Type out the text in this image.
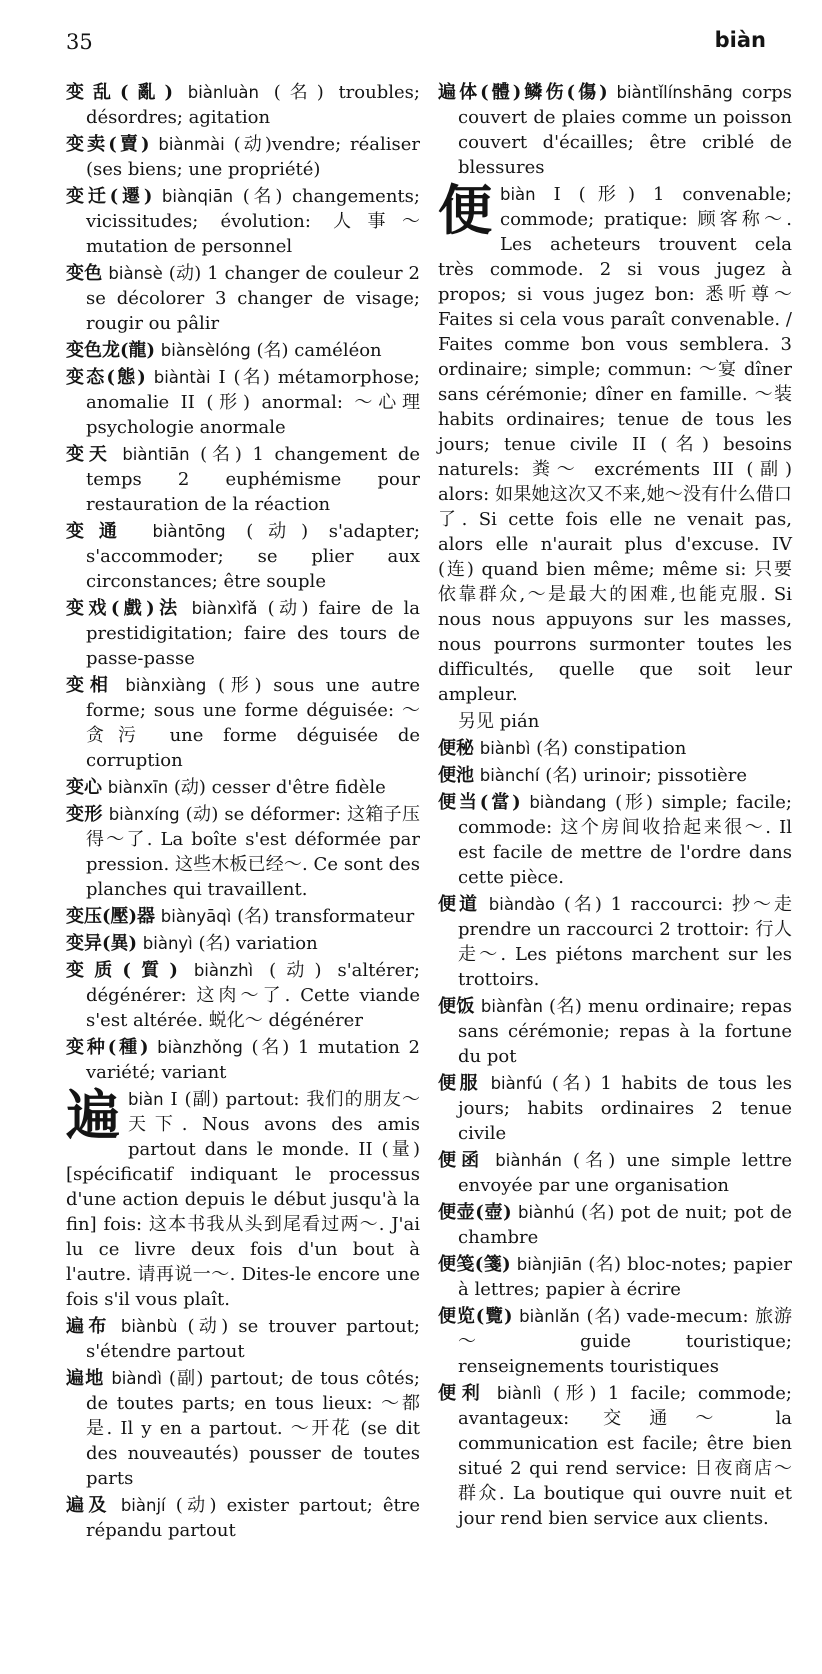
35	biàn
变乱(亂) biànluàn (名) troubles; désordres; agitation
变卖(賣) biànmài (动)vendre; réaliser (ses biens; une propriété)
变迁(遷) biànqiān (名) changements; vicissitudes; évolution: 人事～ mutation de personnel
变色 biànsè (动) 1 changer de couleur 2 se décolorer 3 changer de visage; rougir ou pâlir
变色龙(龍) biànsèlóng (名) caméléon
变态(態) biàntài I (名) métamorphose; anomalie II (形) anormal: ～心理 psychologie anormale
变天 biàntiān (名) 1 changement de temps 2 euphémisme pour restauration de la réaction
变通 biàntōng (动) s'adapter; s'accommoder; se plier aux circonstances; être souple
变戏(戲)法 biànxìfǎ (动) faire de la prestidigitation; faire des tours de passe-passe
变相 biànxiàng (形) sous une autre forme; sous une forme déguisée: ～贪污 une forme déguisée de corruption
变心 biànxīn (动) cesser d'être fidèle
变形 biànxíng (动) se déformer: 这箱子压得～了. La boîte s'est déformée par pression. 这些木板已经～. Ce sont des planches qui travaillent.
变压(壓)器 biànyāqì (名) transformateur
变异(異) biànyì (名) variation
变质(質) biànzhì (动) s'altérer; dégénérer: 这肉～了. Cette viande s'est altérée. 蜕化～ dégénérer
变种(種) biànzhǒng (名) 1 mutation 2 variété; variant
遍 biàn I (副) partout: 我们的朋友～天下. Nous avons des amis partout dans le monde. II (量) [spécificatif indiquant le processus d'une action depuis le début jusqu'à la fin] fois: 这本书我从头到尾看过两～. J'ai lu ce livre deux fois d'un bout à l'autre. 请再说一～. Dites-le encore une fois s'il vous plaît.
遍布 biànbù (动) se trouver partout; s'étendre partout
遍地 biàndì (副) partout; de tous côtés; de toutes parts; en tous lieux: ～都是. Il y en a partout. ～开花 (se dit des nouveautés) pousser de toutes parts
遍及 biànjí (动) exister partout; être répandu partout
遍体(體)鳞伤(傷) biàntǐlínshāng corps couvert de plaies comme un poisson couvert d'écailles; être criblé de blessures
便 biàn I (形) 1 convenable; commode; pratique: 顾客称～. Les acheteurs trouvent cela très commode. 2 si vous jugez à propos; si vous jugez bon: 悉听尊～ Faites si cela vous paraît convenable. / Faites comme bon vous semblera. 3 ordinaire; simple; commun: ～宴 dîner sans cérémonie; dîner en famille. ～装 habits ordinaires; tenue de tous les jours; tenue civile II (名) besoins naturels: 粪～ excréments III (副) alors: 如果她这次又不来,她～没有什么借口了. Si cette fois elle ne venait pas, alors elle n'aurait plus d'excuse. IV (连) quand bien même; même si: 只要依靠群众,～是最大的困难,也能克服. Si nous nous appuyons sur les masses, nous pourrons surmonter toutes les difficultés, quelle que soit leur ampleur.
另见 pián
便秘 biànbì (名) constipation
便池 biànchí (名) urinoir; pissotière
便当(當) biàndang (形) simple; facile; commode: 这个房间收拾起来很～. Il est facile de mettre de l'ordre dans cette pièce.
便道 biàndào (名) 1 raccourci: 抄～走 prendre un raccourci 2 trottoir: 行人走～. Les piétons marchent sur les trottoirs.
便饭 biànfàn (名) menu ordinaire; repas sans cérémonie; repas à la fortune du pot
便服 biànfú (名) 1 habits de tous les jours; habits ordinaires 2 tenue civile
便函 biànhán (名) une simple lettre envoyée par une organisation
便壶(壺) biànhú (名) pot de nuit; pot de chambre
便笺(箋) biànjiān (名) bloc-notes; papier à lettres; papier à écrire
便览(覽) biànlǎn (名) vade-mecum: 旅游～ guide touristique; renseignements touristiques
便利 biànlì (形) 1 facile; commode; avantageux: 交通～ la communication est facile; être bien situé 2 qui rend service: 日夜商店～群众. La boutique qui ouvre nuit et jour rend bien service aux clients.
